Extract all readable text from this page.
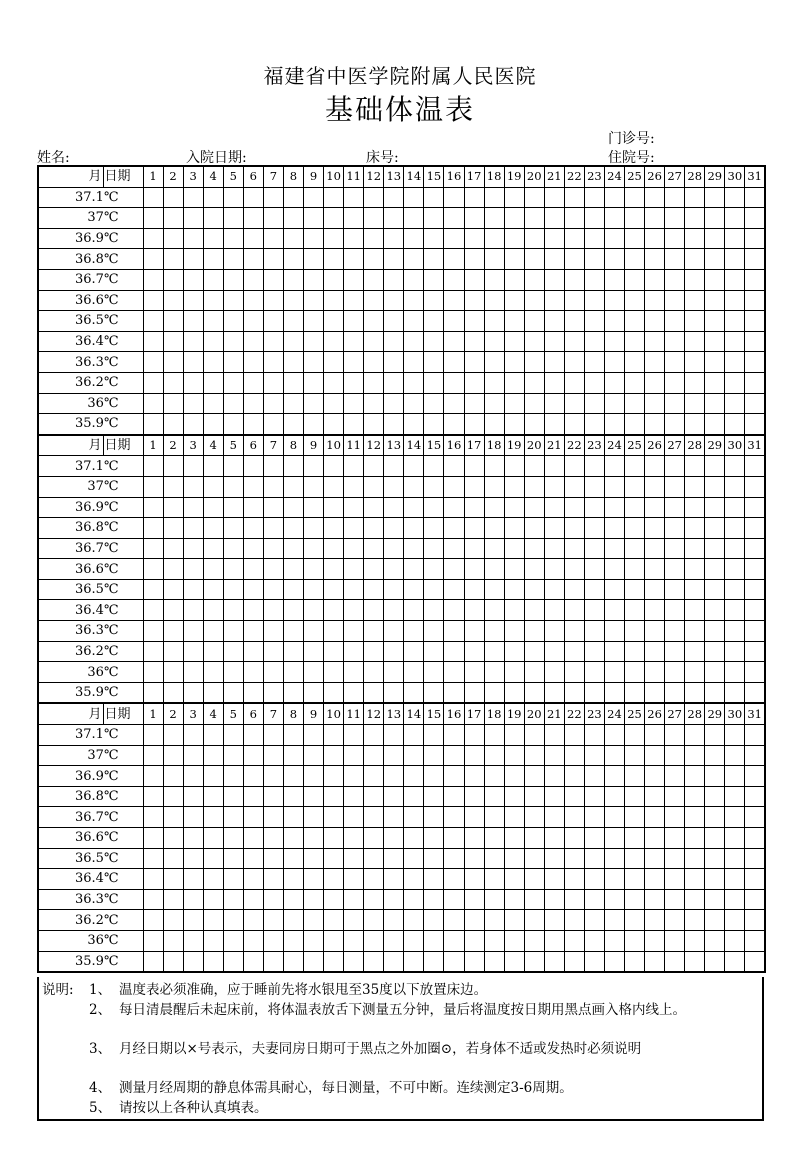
福建省中医学院附属人民医院
基础体温表
门诊号:
姓名:	入院日期:	床号:	住院号:
月	日期	1	2	3	4	5	6	7	8	9	10	11	12	13	14	15	16	17	18	19	20	21	22	23	24	25	26	27	28	29	30	31
37.1℃																																
37℃																																
36.9℃																																
36.8℃																																
36.7℃																																
36.6℃																																
36.5℃																																
36.4℃																																
36.3℃																																
36.2℃																																
36℃																																
35.9℃																																
月	日期	1	2	3	4	5	6	7	8	9	10	11	12	13	14	15	16	17	18	19	20	21	22	23	24	25	26	27	28	29	30	31
37.1℃																																
37℃																																
36.9℃																																
36.8℃																																
36.7℃																																
36.6℃																																
36.5℃																																
36.4℃																																
36.3℃																																
36.2℃																																
36℃																																
35.9℃																																
月	日期	1	2	3	4	5	6	7	8	9	10	11	12	13	14	15	16	17	18	19	20	21	22	23	24	25	26	27	28	29	30	31
37.1℃																																
37℃																																
36.9℃																																
36.8℃																																
36.7℃																																
36.6℃																																
36.5℃																																
36.4℃																																
36.3℃																																
36.2℃																																
36℃																																
35.9℃																																
说明: 1、 温度表必须准确，应于睡前先将水银甩至35度以下放置床边。
2、 每日清晨醒后未起床前，将体温表放舌下测量五分钟，量后将温度按日期用黑点画入格内线上。
3、 月经日期以×号表示，夫妻同房日期可于黑点之外加圈⊙，若身体不适或发热时必须说明
4、 测量月经周期的静息体需具耐心，每日测量，不可中断。连续测定3-6周期。
5、 请按以上各种认真填表。
